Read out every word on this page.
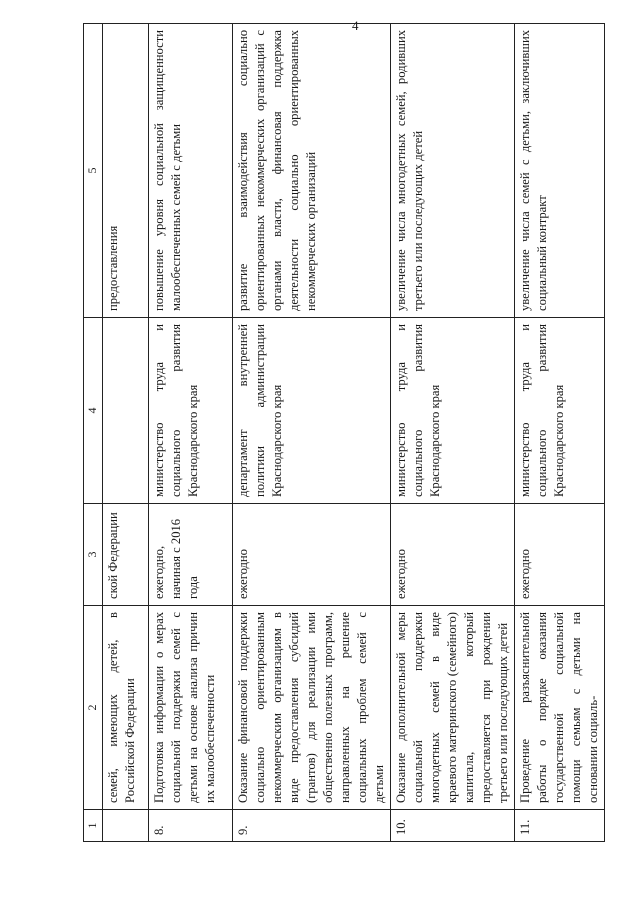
4
1	2	3	4	5
	семей, имеющих детей, в Российской Федерации	ской Федерации		предоставления
8.	Подготовка информации о мерах социальной поддержки семей с детьми на основе анализа причин их малообеспеченности	ежегодно, начиная с 2016 года	министерство труда и социального развития Краснодарского края	повышение уровня социальной защищенности малообеспеченных семей с детьми
9.	Оказание финансовой поддержки социально ориентированным некоммерческим организациям в виде предоставления субсидий (грантов) для реализации ими общественно полезных программ, направленных на решение социальных проблем семей с детьми	ежегодно	департамент внутренней политики администрации Краснодарского края	развитие взаимодействия социально ориентированных некоммерческих организаций с органами власти, финансовая поддержка деятельности социально ориентированных некоммерческих организаций
10.	Оказание дополнительной меры социальной поддержки многодетных семей в виде краевого материнского (семейного) капитала, который предоставляется при рождении третьего или последующих детей	ежегодно	министерство труда и социального развития Краснодарского края	увеличение числа многодетных семей, родивших третьего или последующих детей
11.	Проведение разъяснительной работы о порядке оказания государственной социальной помощи семьям с детьми на основании социаль-	ежегодно	министерство труда и социального развития Краснодарского края	увеличение числа семей с детьми, заключивших социальный контракт
